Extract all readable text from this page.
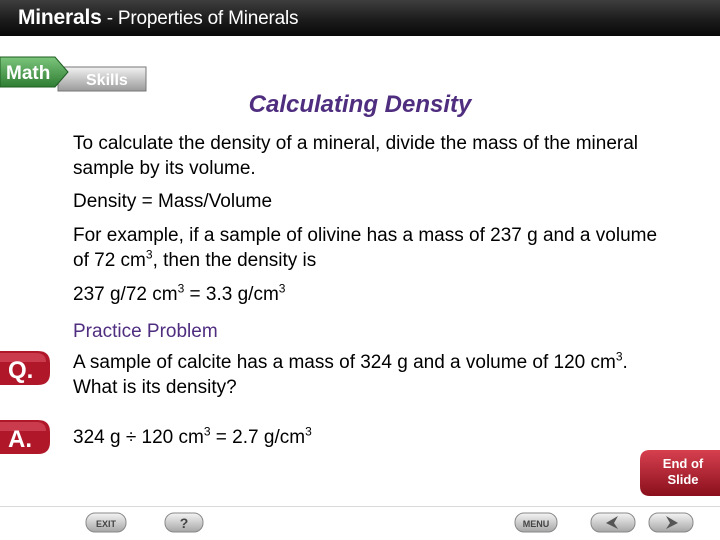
Minerals - Properties of Minerals
Math Skills
Calculating Density
To calculate the density of a mineral, divide the mass of the mineral sample by its volume.
Density = Mass/Volume
For example, if a sample of olivine has a mass of 237 g and a volume of 72 $cm^3$, then the density is
237 g/72 $cm^3 = 3.3$ $g/cm^3$
Practice Problem
Q. A sample of calcite has a mass of 324 g and a volume of 120 $cm^3$. What is its density?
A. 324 g ÷ 120 $cm^3 = 2.7$ $g/cm^3$
End of
Slide
EXIT	?	MENU
